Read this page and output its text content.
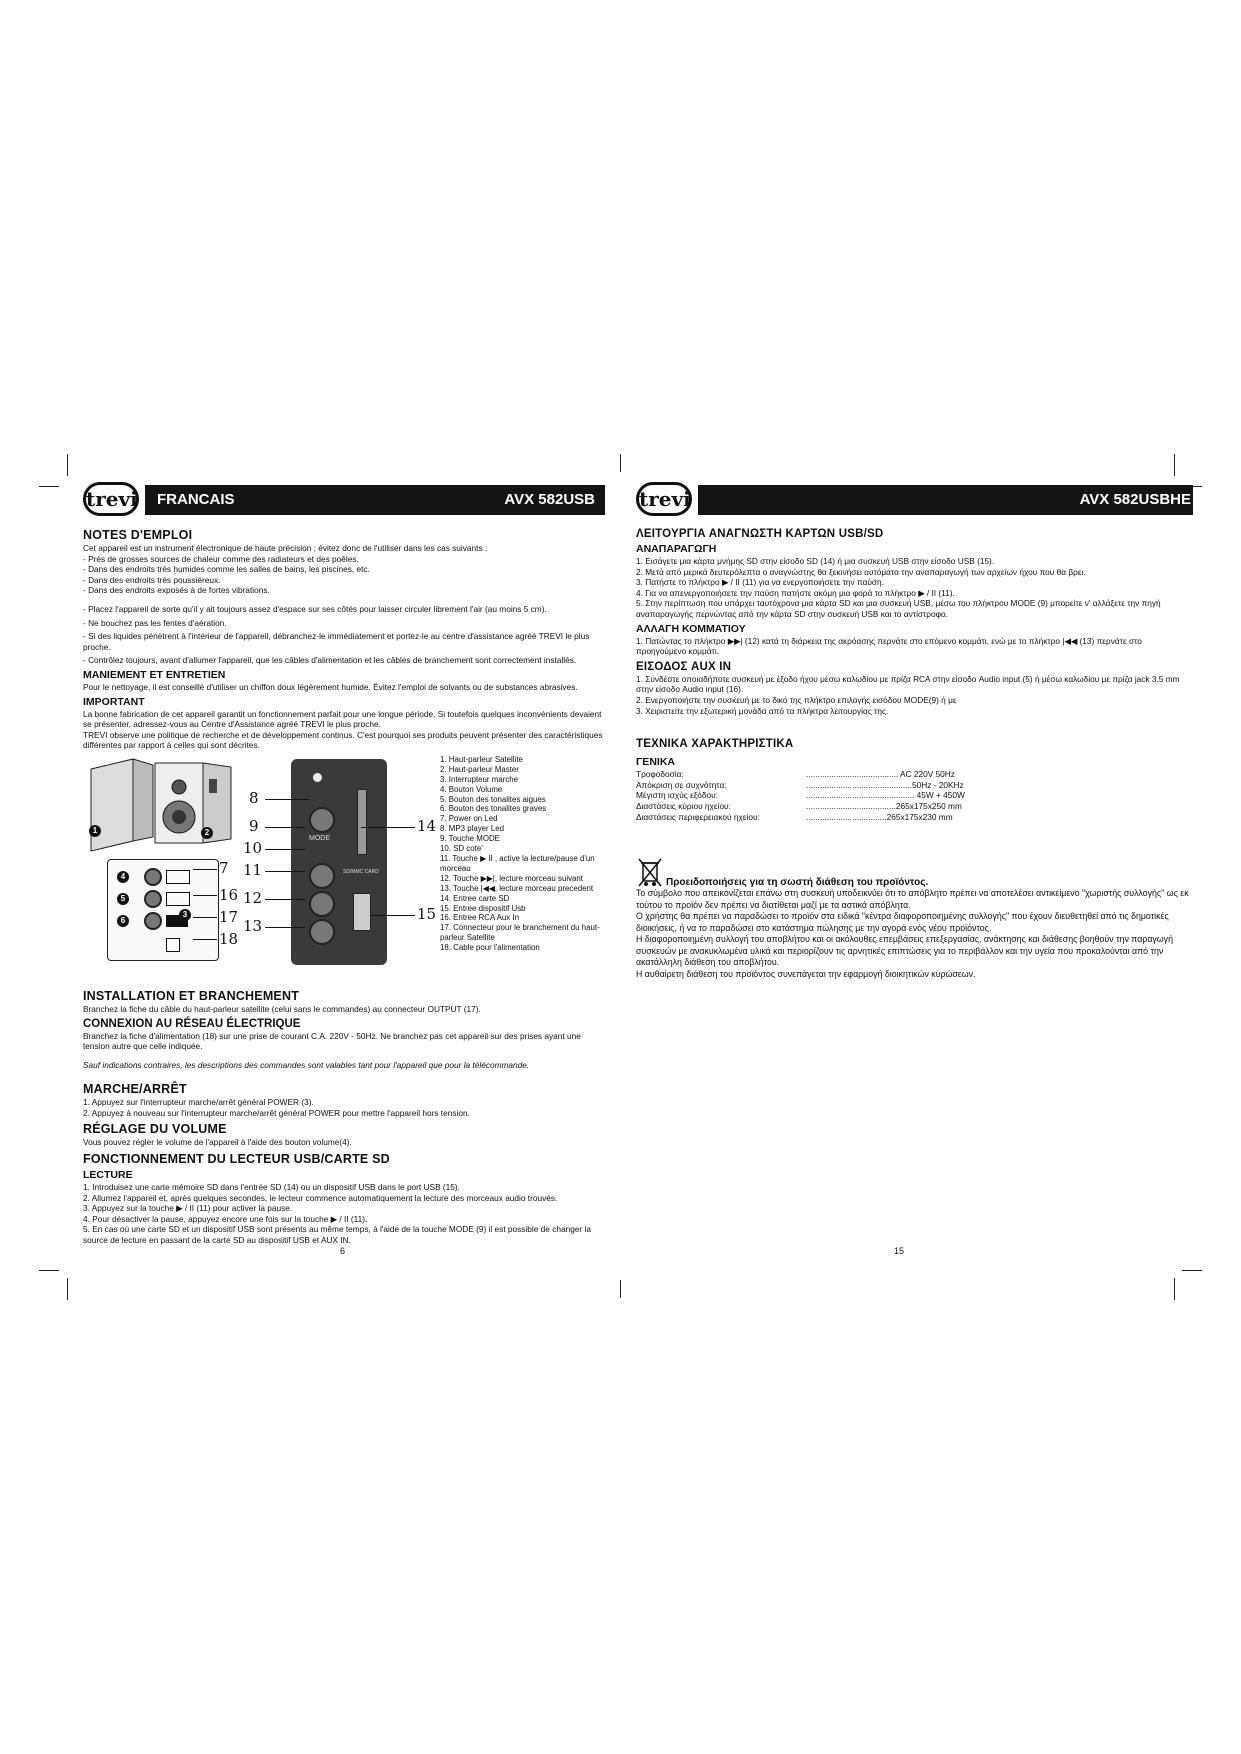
trevi FRANCAIS	AVX 582USB
NOTES D'EMPLOI

Cet appareil est un instrument électronique de haute précision ; évitez donc de l'utiliser dans les cas suivants :

- Près de grosses sources de chaleur comme des radiateurs et des poêles.
- Dans des endroits très humides comme les salles de bains, les piscines, etc.
- Dans des endroits très poussiéreux.
- Dans des endroits exposés à de fortes vibrations.
- Placez l'appareil de sorte qu'il y ait toujours assez d'espace sur ses côtés pour laisser circuler librement l'air (au moins 5 cm).
- Ne bouchez pas les fentes d'aération.
- Si des liquides pénètrent à l'intérieur de l'appareil, débranchez-le immédiatement et portez-le au centre d'assistance agréé TREVI le plus proche.
- Contrôlez toujours, avant d'allumer l'appareil, que les câbles d'alimentation et les câbles de branchement sont correctement installés.
MANIEMENT ET ENTRETIEN

Pour le nettoyage, il est conseillé d'utiliser un chiffon doux légèrement humide. Évitez l'emploi de solvants ou de substances abrasives.

IMPORTANT

La bonne fabrication de cet appareil garantit un fonctionnement parfait pour une longue période. Si toutefois quelques inconvénients devaient se présenter, adressez-vous au Centre d'Assistance agréé TREVI le plus proche.

TREVI observe une politique de recherche et de développement continus. C'est pourquoi ses produits peuvent présenter des caractéristiques différentes par rapport à celles qui sont décrites.

1	2
4
5
6
3
7
16
17
18
MODE
SD/MMC CARD
8
9
10
11
12
13
14
15
1. Haut-parleur Satellite
2. Haut-parleur Master
3. Interrupteur marche
4. Bouton Volume
5. Bouton des tonalites aigues
6. Bouton des tonalites graves
7. Power on Led
8. MP3 player Led
9. Touche MODE
10. SD cote'
11. Touche ▶ II , active la lecture/pause d'un morceau
12. Touche ▶▶|, lecture morceau suivant
13. Touche |◀◀, lecture morceau precedent
14. Entree carte SD
15. Entree dispositif Usb
16. Entree RCA Aux In
17. Connecteur pour le branchement du haut-parleur Satellite
18. Cable pour l'alimentation
INSTALLATION ET BRANCHEMENT

Branchez la fiche du câble du haut-parleur satellite (celui sans le commandes) au connecteur OUTPUT (17).

CONNEXION AU RÉSEAU ÉLECTRIQUE

Branchez la fiche d'alimentation (18) sur une prise de courant C.A. 220V - 50Hz. Ne branchez pas cet appareil sur des prises ayant une tension autre que celle indiquée.

Sauf indications contraires, les descriptions des commandes sont valables tant pour l'appareil que pour la télécommande.

MARCHE/ARRÊT
1. Appuyez sur l'interrupteur marche/arrêt général POWER (3).
2. Appuyez à nouveau sur l'interrupteur marche/arrêt général POWER pour mettre l'appareil hors tension.
RÉGLAGE DU VOLUME

Vous pouvez régler le volume de l'appareil à l'aide des bouton volume(4).

FONCTIONNEMENT DU LECTEUR USB/CARTE SD
LECTURE
1. Introduisez une carte mémoire SD dans l'entrée SD (14) ou un dispositif USB dans le port USB (15).
2. Allumez l'appareil et, après quelques secondes, le lecteur commence automatiquement la lecture des morceaux audio trouvés.
3. Appuyez sur la touche ▶ / II (11) pour activer la pause.
4. Pour désactiver la pause, appuyez encore une fois sur la touche ▶ / II (11).
5. En cas où une carte SD et un dispositif USB sont présents au même temps, à l'aide de la touche MODE (9) il est possible de changer la source de lecture en passant de la carte SD au dispositif USB et AUX IN.
6
trevi	AVX 582USBHE
ΛΕΙΤΟΥΡΓΙΑ ΑΝΑΓΝΩΣΤΗ ΚΑΡΤΩΝ USB/SD
ΑΝΑΠΑΡΑΓΩΓΗ
1. Εισάγετε μια κάρτα μνήμης SD στην είσοδο SD (14) ή μια συσκευή USB στην είσοδο USB (15).
2. Μετά από μερικά δευτερόλεπτα ο αναγνώστης θα ξεκινήσει αυτόματα την αναπαραγωγή των αρχείων ήχου που θα βρει.
3. Πατήστε το πλήκτρο ▶ / II (11) για να ενεργοποιήσετε την παύση.
4. Για να απενεργοποιήσετε την παύση πατήστε ακόμη μια φορά το πλήκτρο ▶ / II (11).
5. Στην περίπτωση που υπάρχει ταυτόχρονα μια κάρτα SD και μια συσκευή USB, μέσω του πλήκτρου MODE (9) μπορείτε ν' αλλάξετε την πηγή αναπαραγωγής περνώντας από την κάρτα SD στην συσκευή USB και το αντίστροφο.
ΑΛΛΑΓΗ ΚΟΜΜΑΤΙΟΥ
1. Πατώντας το πλήκτρο ▶▶| (12) κατά τη διάρκεια της ακρόασης περνάτε στο επόμενο κομμάτι, ενώ με το πλήκτρο |◀◀ (13) περνάτε στο προηγούμενο κομμάτι.
ΕΙΣΟΔΟΣ AUX IN
1. Συνδέστε οποιαδήποτε συσκευή με έξοδο ήχου μέσω καλωδίου με πρίζα RCA στην είσοδο Audio input (5) ή μέσω καλωδίου με πρίζα jack 3.5 mm στην είσοδο Audio input (16).
2. Ενεργοποιήστε την συσκευή με το δικό της πλήκτρο επιλογής εισόδου MODE(9) ή με
3. Χειριστείτε την εξωτερική μονάδα από τα πλήκτρα λειτουργίας της.
ΤΕΧΝΙΚΑ ΧΑΡΑΚΤΗΡΙΣΤΙΚΑ
ΓΕΝΙΚΑ
Τροφοδοσία:	........................................ AC 220V 50Hz
Απόκριση σε συχνότητα:	..............................................50Hz - 20KHz
Μέγιστη ισχύς εξόδου:	............................................... 45W + 450W
Διαστάσεις κύριου ηχείου:	.......................................265x175x250 mm
Διαστάσεις περιφερειακού ηχείου:	...................................265x175x230 mm
Προειδοποιήσεις για τη σωστή διάθεση του προϊόντος.

Το σύμβολο που απεικονίζεται επάνω στη συσκευή υποδεικνύει ότι το απόβλητο πρέπει να αποτελέσει αντικείμενο "χωριστής συλλογής" ως εκ τούτου το προϊόν δεν πρέπει να διατίθεται μαζί με τα αστικά απόβλητα.

Ο χρήστης θα πρέπει να παραδώσει το προϊόν στα ειδικά "κέντρα διαφοροποιημένης συλλογής" που έχουν διευθετηθεί από τις δημοτικές διοικήσεις, ή να το παραδώσει στο κατάστημα πώλησης με την αγορά ενός νέου προϊόντος.

Η διαφοροποιημένη συλλογή του αποβλήτου και οι ακόλουθες επεμβάσεις επεξεργασίας, ανάκτησης και διάθεσης βοηθούν την παραγωγή συσκευών με ανακυκλωμένα υλικά και περιορίζουν τις αρνητικές επιπτώσεις για το περιβάλλον και την υγεία που προκαλούνται από την ακατάλληλη διάθεση του αποβλήτου.

Η αυθαίρετη διάθεση του προϊόντος συνεπάγεται την εφαρμογή διοικητικών κυρώσεων.

15
